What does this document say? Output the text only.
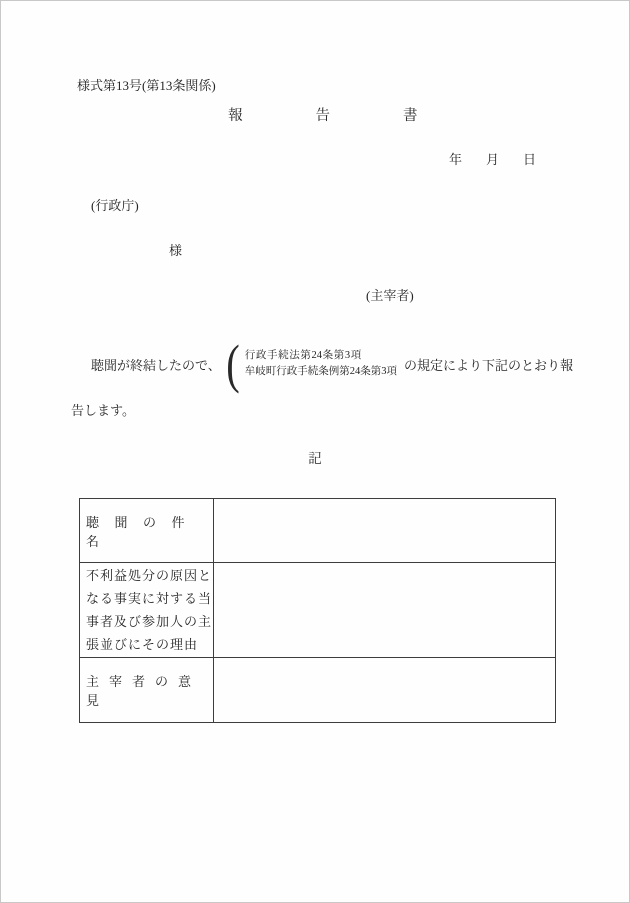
様式第13号(第13条関係)
報告書
年 月 日
(行政庁)
様
(主宰者)
聴聞が終結したので、 ( 行 政 手 続 法 第 24 条 第 3 項
牟岐町行政手続条例第24条第3項 の規定により下記のとおり報
告します。
記
聴聞の件名	
不利益処分の原因となる事実に対する当事者及び参加人の主張並びにその理由	
主宰者の意見	
